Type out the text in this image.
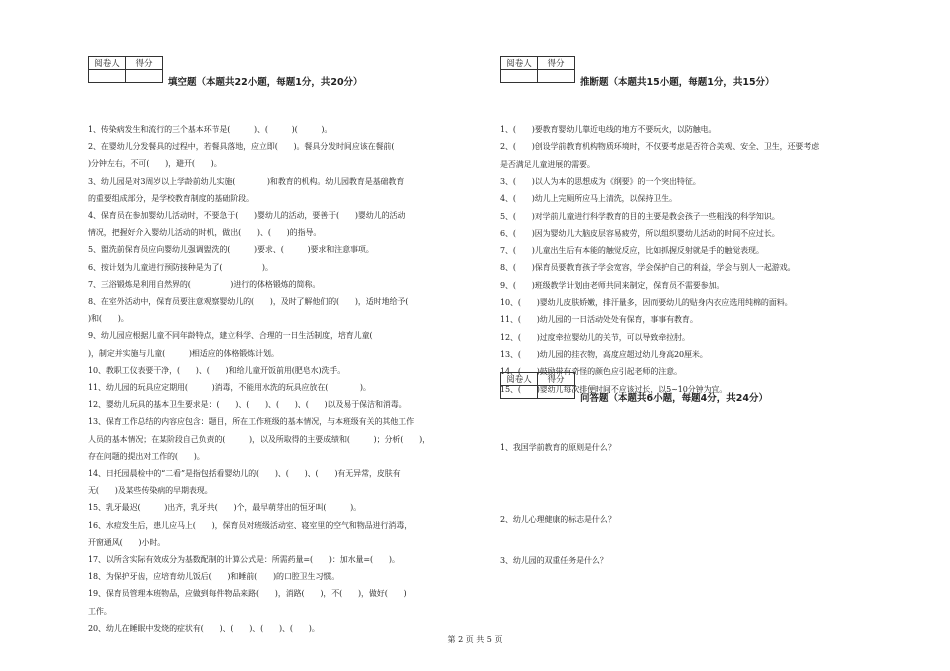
阅卷人	得分

填空题（本题共22小题，每题1分，共20分）
1、传染病发生和流行的三个基本环节是(　　　)、(　　　)(　　　)。
2、在婴幼儿分发餐具的过程中，若餐具落地，应立即(　　)。餐具分发时间应该在餐前(　　
)分钟左右，不可(　　)，避开(　　)。
3、幼儿园是对3周岁以上学龄前幼儿实施(　　　　)和教育的机构。幼儿园教育是基础教育
的重要组成部分，是学校教育制度的基础阶段。
4、保育员在参加婴幼儿活动时，不要急于(　　)婴幼儿的活动，要善于(　　)婴幼儿的活动
情况，把握好介入婴幼儿活动的时机，做出(　　)、(　　)的指导。
5、盥洗前保育员应向婴幼儿强调盥洗的(　　　)要求、(　　　)要求和注意事项。
6、按计划为儿童进行预防接种是为了(　　　　　)。
7、三浴锻炼是利用自然界的(　　　　　)进行的体格锻炼的简称。
8、在室外活动中，保育员要注意观察婴幼儿的(　　)，及时了解他们的(　　)，适时地给予(
)和(　　)。
9、幼儿园应根据儿童不同年龄特点，建立科学、合理的一日生活制度，培育儿童(　　　
)，制定并实施与儿童(　　　)相适应的体格锻炼计划。
10、教职工仪表要干净，(　　)、(　　)和给儿童开饭前用(肥皂水)洗手。
11、幼儿园的玩具应定期用(　　　)消毒，不能用水洗的玩具应放在(　　　　)。
12、婴幼儿玩具的基本卫生要求是：(　　)、(　　)、(　　)、(　　)以及易于保洁和消毒。
13、保育工作总结的内容应包含：题目，所在工作班级的基本情况，与本班级有关的其他工作
人员的基本情况；在某阶段自己负责的(　　　)，以及所取得的主要成绩和(　　　)；分析(　　)，
存在问题的提出对工作的(　　)。
14、日托园晨检中的“二看”是指包括看婴幼儿的(　　)、(　　)、(　　)有无异常，皮肤有
无(　　)及某些传染病的早期表现。
15、乳牙最迟(　　　)出齐，乳牙共(　　)个，最早萌芽出的恒牙叫(　　　)。
16、水痘发生后，患儿应马上(　　)，保育员对班级活动室、寝室里的空气和物品进行消毒，
开窗通风(　　)小时。
17、以所含实际有效成分为基数配制的计算公式是：所需药量=(　　)：加水量=(　　)。
18、为保护牙齿，应培育幼儿饭后(　　)和睡前(　　)的口腔卫生习惯。
19、保育员管理本班物品，应做到每件物品来路(　　)，消路(　　)，不(　　)，做好(　　)
工作。
20、幼儿在睡眠中发烧的症状有(　　)、(　　)、(　　)、(　　)。
阅卷人	得分

推断题（本题共15小题，每题1分，共15分）
1、(　　)要教育婴幼儿靠近电线的地方不要玩火，以防触电。
2、(　　)创设学前教育机构物质环境时，不仅要考虑是否符合美观、安全、卫生，还要考虑
是否满足儿童进展的需要。
3、(　　)以人为本的思想成为《纲要》的一个突出特征。
4、(　　)幼儿上完厕所应马上清洗，以保持卫生。
5、(　　)对学前儿童进行科学教育的目的主要是教会孩子一些粗浅的科学知识。
6、(　　)因为婴幼儿大脑皮层容易疲劳，所以组织婴幼儿活动的时间不应过长。
7、(　　)儿童出生后有本能的触觉反应，比如抓握反射就是手的触觉表现。
8、(　　)保育员要教育孩子学会宽容，学会保护自己的利益，学会与别人一起游戏。
9、(　　)班级教学计划由老师共同来制定，保育员不需要参加。
10、(　　)婴幼儿皮肤娇嫩，排汗量多，因而要幼儿的贴身内衣应选用纯棉的面料。
11、(　　)幼儿园的一日活动处处有保育，事事有教育。
12、(　　)过度牵拉婴幼儿的关节，可以导致牵拉肘。
13、(　　)幼儿园的挂衣物，高度应超过幼儿身高20厘米。
14、(　　)鼓励带有奇怪的颜色应引起老师的注意。
15、(　　)婴幼儿每次排便时间不应该过长，以5~10分钟为宜。
阅卷人	得分

问答题（本题共6小题，每题4分，共24分）
1、我国学前教育的原则是什么？
2、幼儿心理健康的标志是什么？
3、幼儿园的双重任务是什么？
第 2 页 共 5 页
